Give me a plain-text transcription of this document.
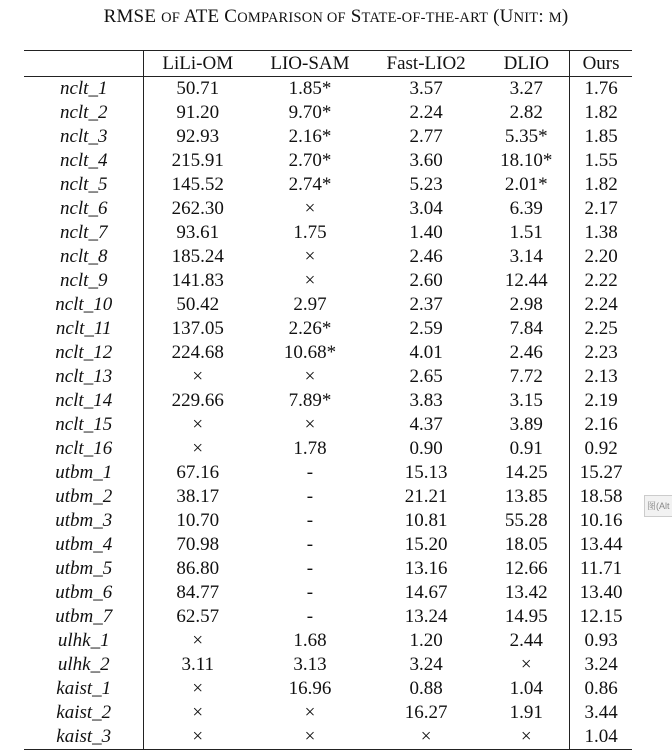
RMSE OF ATE COMPARISON OF STATE-OF-THE-ART (UNIT: M)
	LiLi-OM	LIO-SAM	Fast-LIO2	DLIO	Ours
nclt_1	50.71	1.85*	3.57	3.27	1.76
nclt_2	91.20	9.70*	2.24	2.82	1.82
nclt_3	92.93	2.16*	2.77	5.35*	1.85
nclt_4	215.91	2.70*	3.60	18.10*	1.55
nclt_5	145.52	2.74*	5.23	2.01*	1.82
nclt_6	262.30	×	3.04	6.39	2.17
nclt_7	93.61	1.75	1.40	1.51	1.38
nclt_8	185.24	×	2.46	3.14	2.20
nclt_9	141.83	×	2.60	12.44	2.22
nclt_10	50.42	2.97	2.37	2.98	2.24
nclt_11	137.05	2.26*	2.59	7.84	2.25
nclt_12	224.68	10.68*	4.01	2.46	2.23
nclt_13	×	×	2.65	7.72	2.13
nclt_14	229.66	7.89*	3.83	3.15	2.19
nclt_15	×	×	4.37	3.89	2.16
nclt_16	×	1.78	0.90	0.91	0.92
utbm_1	67.16	-	15.13	14.25	15.27
utbm_2	38.17	-	21.21	13.85	18.58
utbm_3	10.70	-	10.81	55.28	10.16
utbm_4	70.98	-	15.20	18.05	13.44
utbm_5	86.80	-	13.16	12.66	11.71
utbm_6	84.77	-	14.67	13.42	13.40
utbm_7	62.57	-	13.24	14.95	12.15
ulhk_1	×	1.68	1.20	2.44	0.93
ulhk_2	3.11	3.13	3.24	×	3.24
kaist_1	×	16.96	0.88	1.04	0.86
kaist_2	×	×	16.27	1.91	3.44
kaist_3	×	×	×	×	1.04
图(Alt
